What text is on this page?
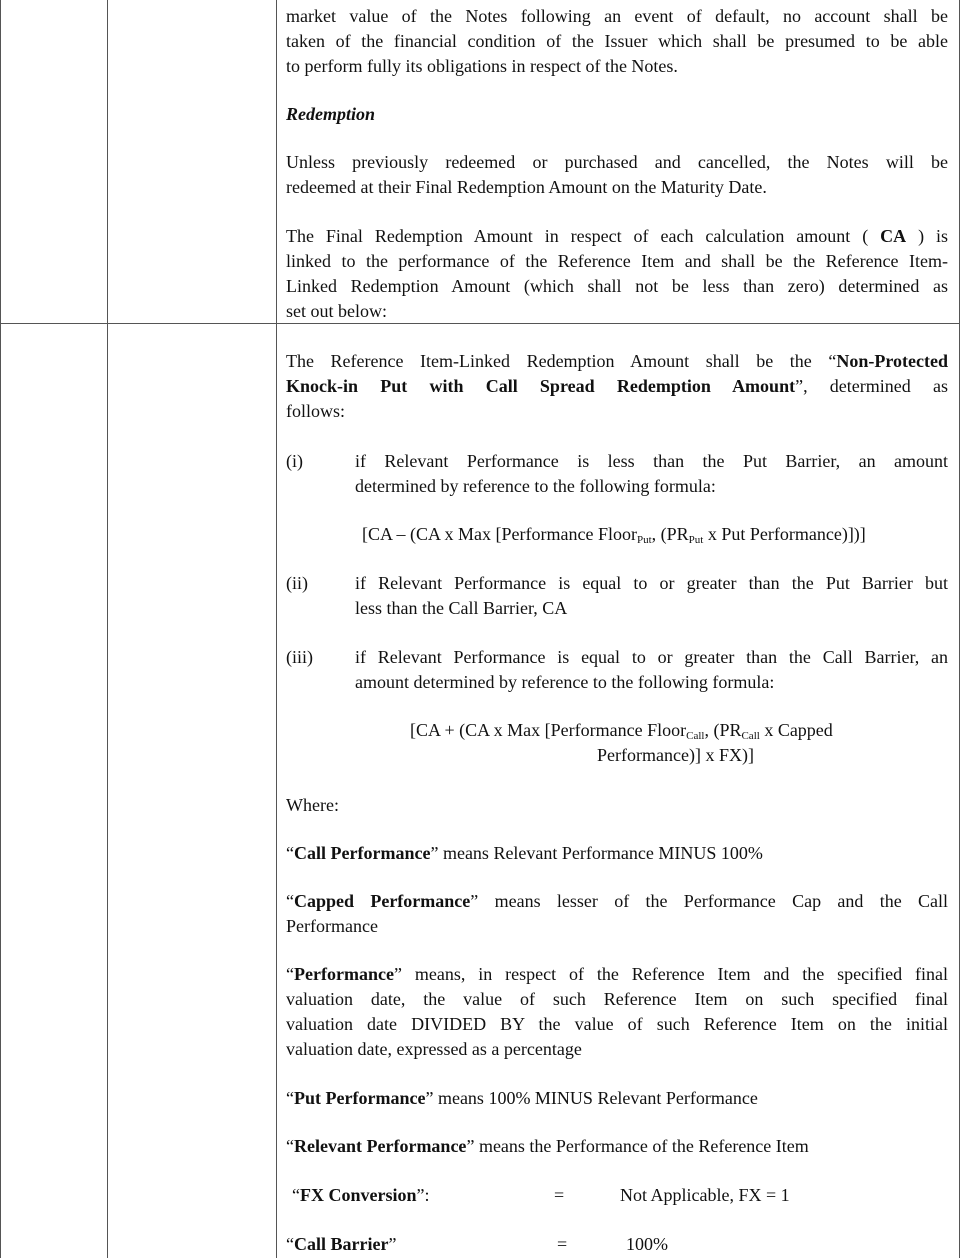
market value of the Notes following an event of default, no account shall be
taken of the financial condition of the Issuer which shall be presumed to be able
to perform fully its obligations in respect of the Notes.
Redemption
Unless previously redeemed or purchased and cancelled, the Notes will be
redeemed at their Final Redemption Amount on the Maturity Date.
The Final Redemption Amount in respect of each calculation amount ( CA ) is
linked to the performance of the Reference Item and shall be the Reference Item-
Linked Redemption Amount (which shall not be less than zero) determined as
set out below:
The Reference Item-Linked Redemption Amount shall be the “Non-Protected
Knock-in Put with Call Spread Redemption Amount”, determined as
follows:
(i)	if Relevant Performance is less than the Put Barrier, an amount
determined by reference to the following formula:
[CA – (CA x Max [Performance Floor$_{Put}$, ($PR_{Put}$ x Put Performance)])]
(ii)	if Relevant Performance is equal to or greater than the Put Barrier but
less than the Call Barrier, CA
(iii) if Relevant Performance is equal to or greater than the Call Barrier, an
amount determined by reference to the following formula:
[CA + (CA x Max [Performance Floor$_{Call}$, ($PR_{Call}$ x Capped
Performance)] x FX)]
Where:
“Call Performance” means Relevant Performance MINUS 100%
“Capped Performance” means lesser of the Performance Cap and the Call
Performance
“Performance” means, in respect of the Reference Item and the specified final
valuation date, the value of such Reference Item on such specified final
valuation date DIVIDED BY the value of such Reference Item on the initial
valuation date, expressed as a percentage
“Put Performance” means 100% MINUS Relevant Performance
“Relevant Performance” means the Performance of the Reference Item
“FX Conversion”:	=	Not Applicable, FX = 1
“Call Barrier”	=	100%
